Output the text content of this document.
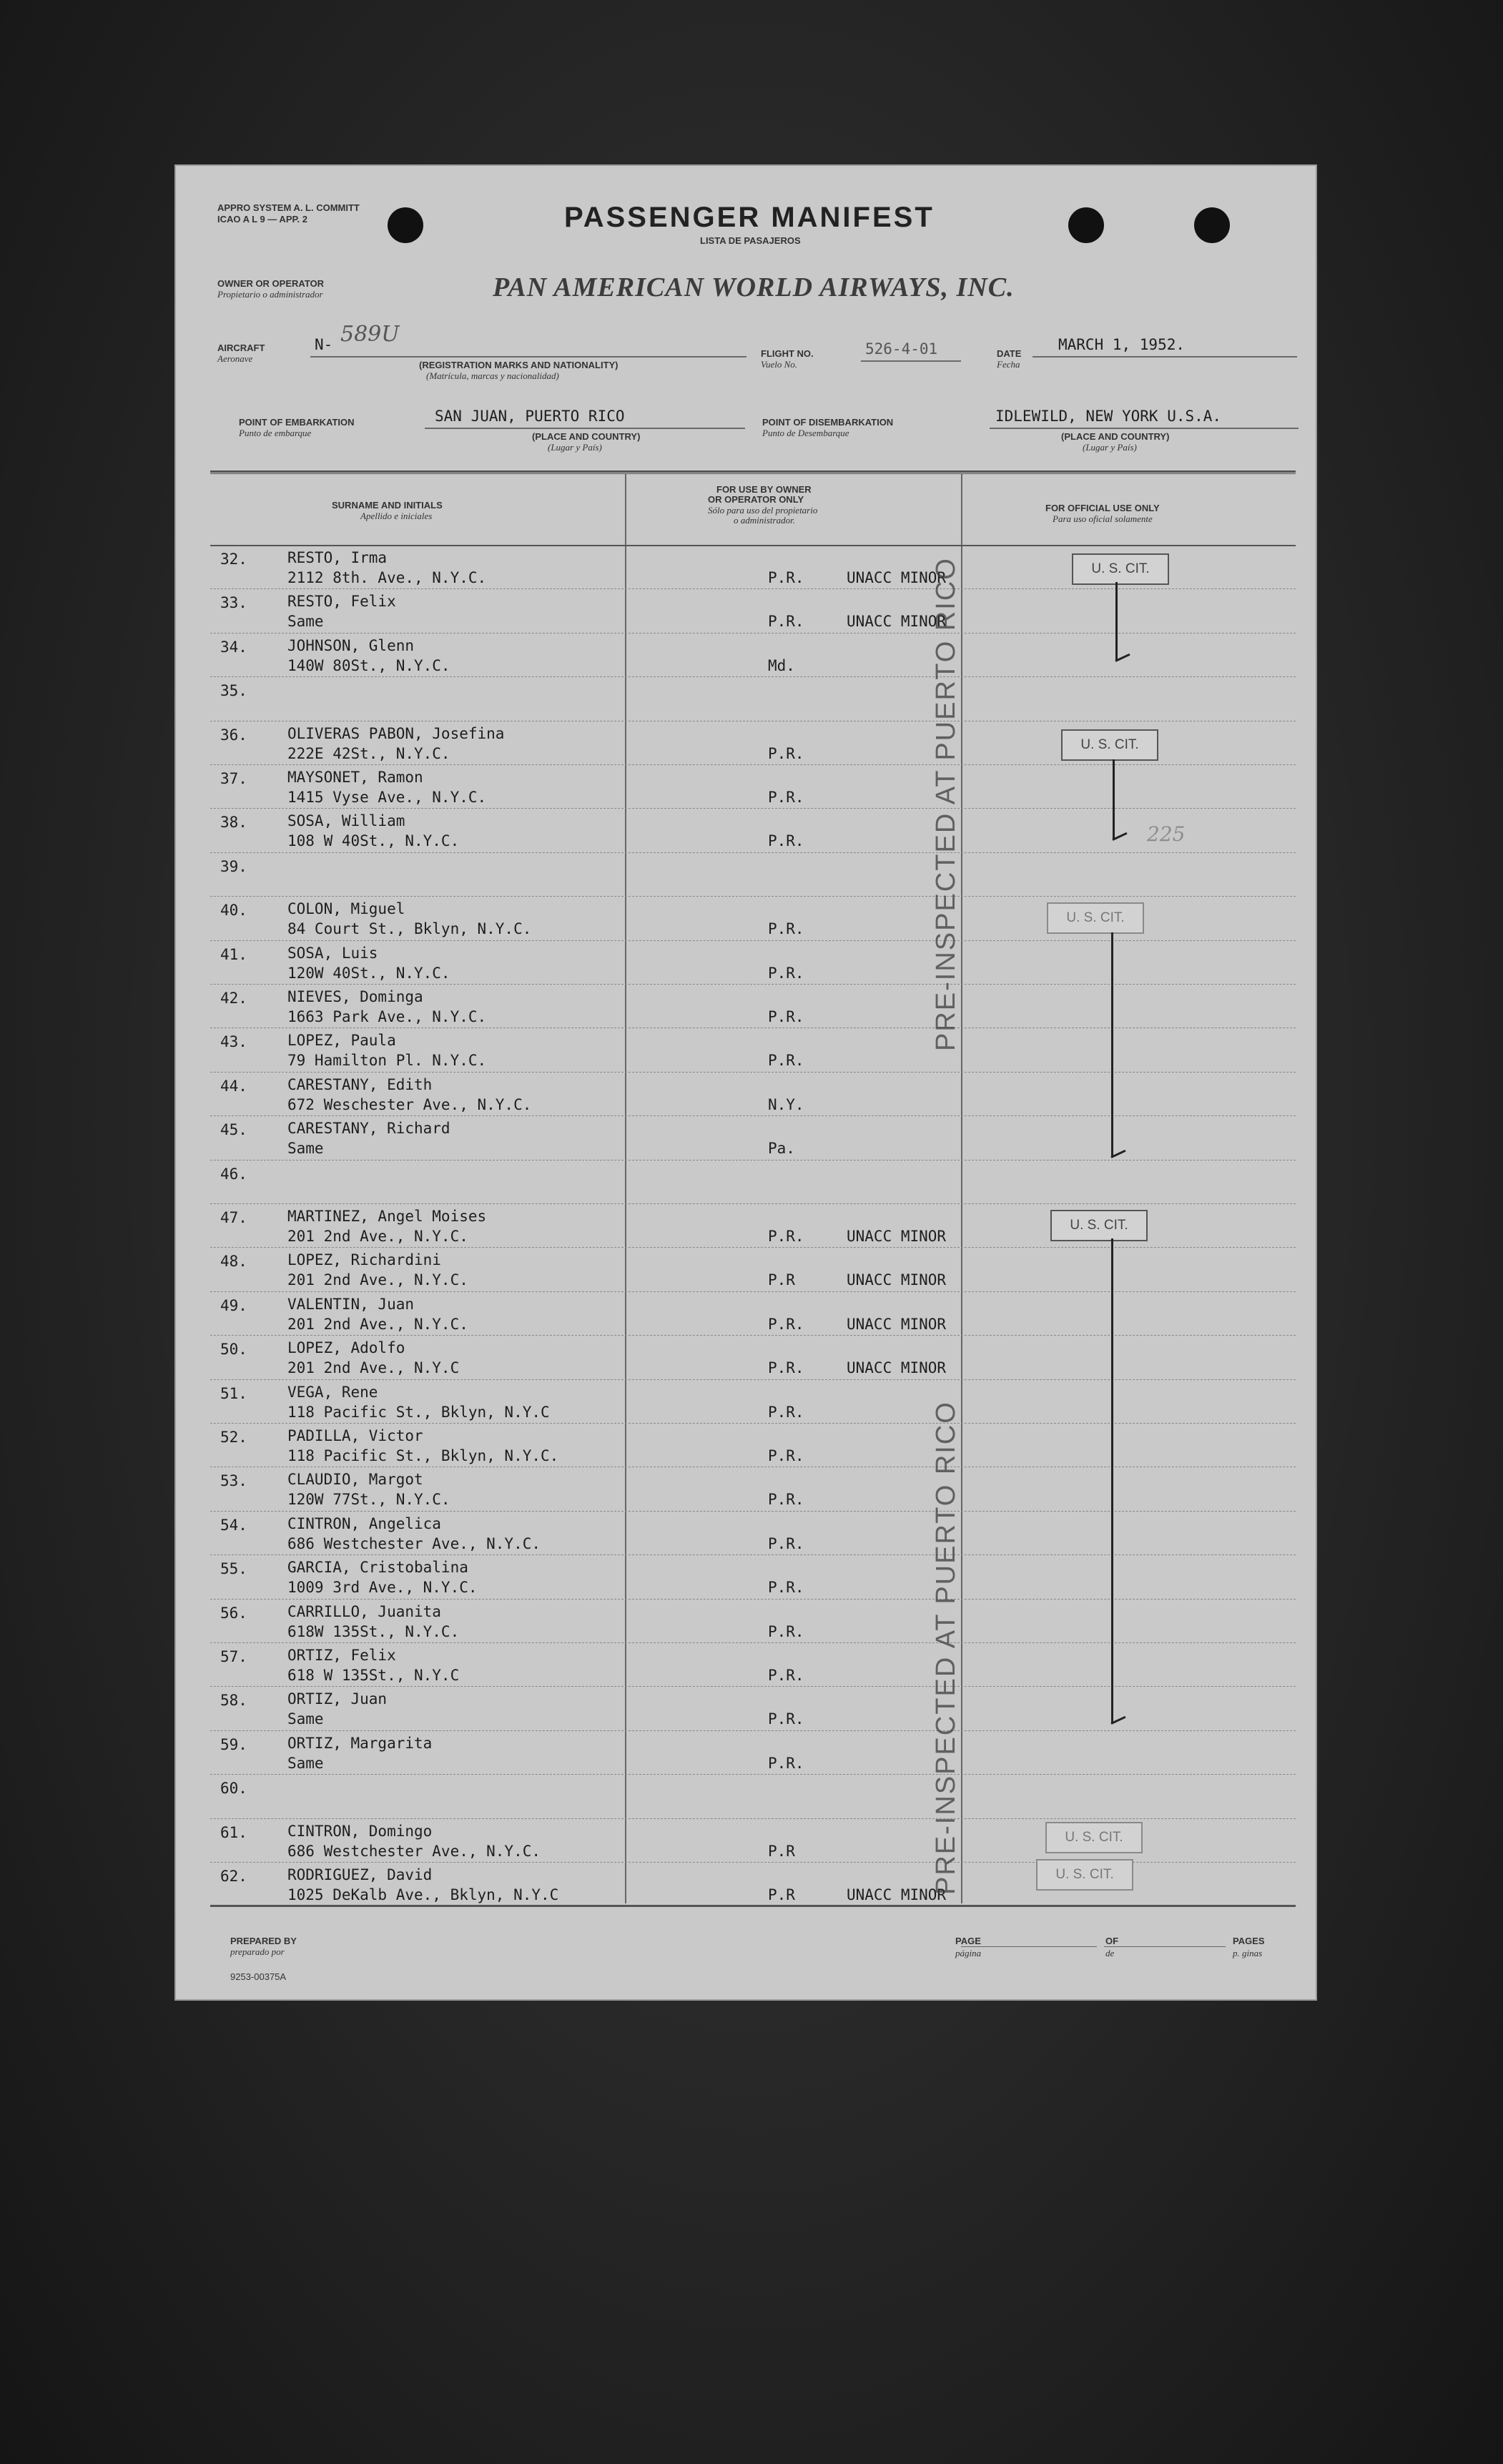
APPRO SYSTEM A. L. COMMITT
ICAO A L 9 — APP. 2	PASSENGER MANIFEST
LISTA DE PASAJEROS
OWNER OR OPERATOR
Propietario o administrador	PAN AMERICAN WORLD AIRWAYS, INC.
AIRCRAFT
Aeronave
N- 589U
(REGISTRATION MARKS AND NATIONALITY)
(Matrícula, marcas y nacionalidad)
FLIGHT NO.
Vuelo No.
526-4-01	DATE
Fecha
MARCH 1, 1952.
POINT OF EMBARKATION
Punto de embarque
SAN JUAN, PUERTO RICO
(PLACE AND COUNTRY)
(Lugar y País)
POINT OF DISEMBARKATION
Punto de Desembarque
IDLEWILD, NEW YORK U.S.A.
(PLACE AND COUNTRY)
(Lugar y País)
SURNAME AND INITIALS
Apellido e iniciales
FOR USE BY OWNER
OR OPERATOR ONLY
Sólo para uso del propietario
o administrador.
FOR OFFICIAL USE ONLY
Para uso oficial solamente
32.	RESTO, Irma
2112 8th. Ave., N.Y.C.	P.R.	UNACC MINOR
33.	RESTO, Felix
Same	P.R.	UNACC MINOR
34.	JOHNSON, Glenn
140W 80St., N.Y.C.	Md.
35.
36.	OLIVERAS PABON, Josefina
222E 42St., N.Y.C.	P.R.
37.	MAYSONET, Ramon
1415 Vyse Ave., N.Y.C.	P.R.
38.	SOSA, William
108 W 40St., N.Y.C.	P.R.
39.
40.	COLON, Miguel
84 Court St., Bklyn, N.Y.C.	P.R.
41.	SOSA, Luis
120W 40St., N.Y.C.	P.R.
42.	NIEVES, Dominga
1663 Park Ave., N.Y.C.	P.R.
43.	LOPEZ, Paula
79 Hamilton Pl. N.Y.C.	P.R.
44.	CARESTANY, Edith
672 Weschester Ave., N.Y.C.	N.Y.
45.	CARESTANY, Richard
Same	Pa.
46.
47.	MARTINEZ, Angel Moises
201 2nd Ave., N.Y.C.	P.R.	UNACC MINOR
48.	LOPEZ, Richardini
201 2nd Ave., N.Y.C.	P.R	UNACC MINOR
49.	VALENTIN, Juan
201 2nd Ave., N.Y.C.	P.R.	UNACC MINOR
50.	LOPEZ, Adolfo
201 2nd Ave., N.Y.C	P.R.	UNACC MINOR
51.	VEGA, Rene
118 Pacific St., Bklyn, N.Y.C	P.R.
52.	PADILLA, Victor
118 Pacific St., Bklyn, N.Y.C.	P.R.
53.	CLAUDIO, Margot
120W 77St., N.Y.C.	P.R.
54.	CINTRON, Angelica
686 Westchester Ave., N.Y.C.	P.R.
55.	GARCIA, Cristobalina
1009 3rd Ave., N.Y.C.	P.R.
56.	CARRILLO, Juanita
618W 135St., N.Y.C.	P.R.
57.	ORTIZ, Felix
618 W 135St., N.Y.C	P.R.
58.	ORTIZ, Juan
Same	P.R.
59.	ORTIZ, Margarita
Same	P.R.
60.
61.	CINTRON, Domingo
686 Westchester Ave., N.Y.C.	P.R
62.	RODRIGUEZ, David
1025 DeKalb Ave., Bklyn, N.Y.C	P.R	UNACC MINOR
PRE-INSPECTED AT PUERTO RICO
PRE-INSPECTED AT PUERTO RICO
U. S. CIT.
U. S. CIT.
U. S. CIT.
U. S. CIT.
U. S. CIT.
U. S. CIT.
225
PREPARED BY
preparado por
9253-00375A
PAGE
página
OF
de
PAGES
p. ginas
